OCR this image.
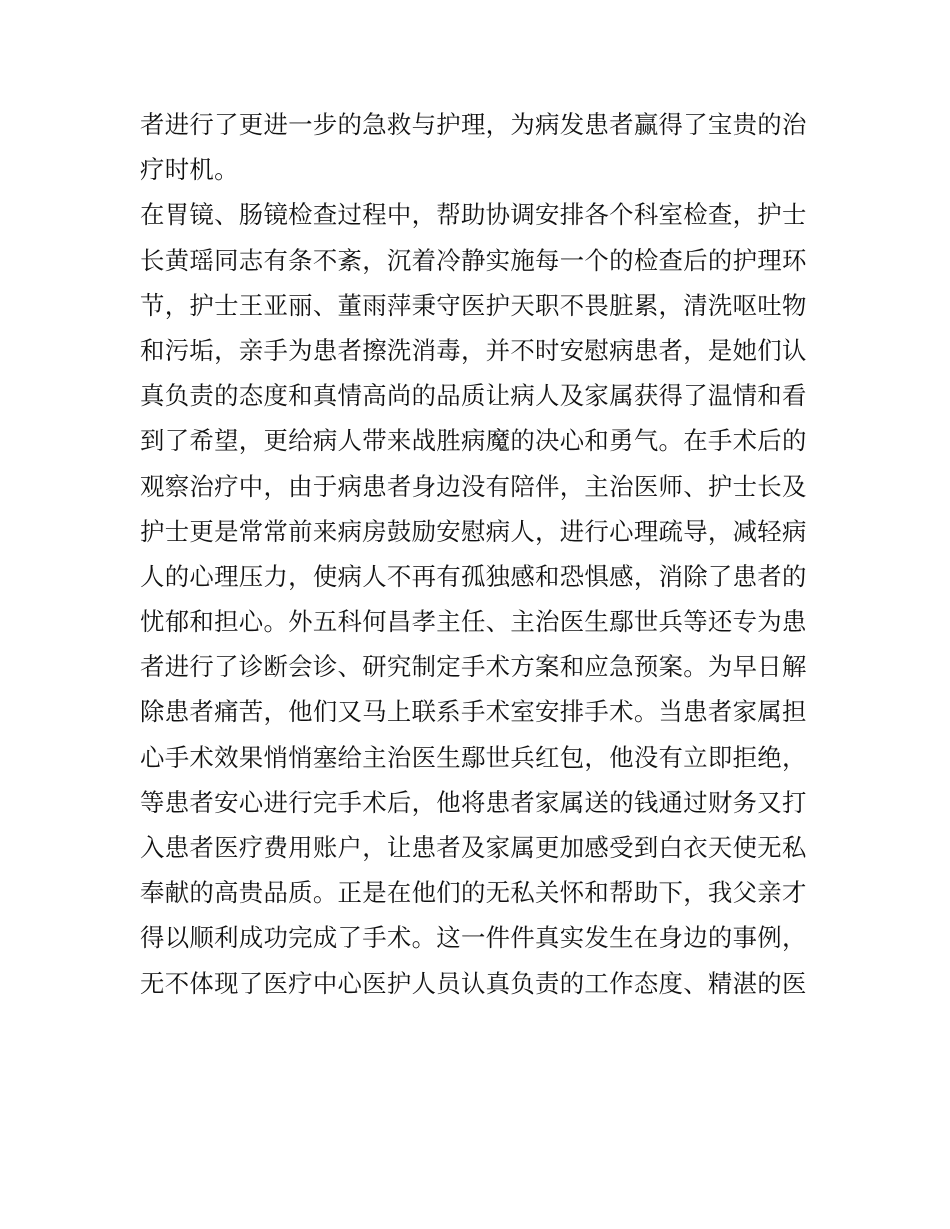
者进行了更进一步的急救与护理，为病发患者赢得了宝贵的治
疗时机。
在胃镜、肠镜检查过程中，帮助协调安排各个科室检查，护士
长黄瑶同志有条不紊，沉着冷静实施每一个的检查后的护理环
节，护士王亚丽、董雨萍秉守医护天职不畏脏累，清洗呕吐物
和污垢，亲手为患者擦洗消毒，并不时安慰病患者，是她们认
真负责的态度和真情高尚的品质让病人及家属获得了温情和看
到了希望，更给病人带来战胜病魔的决心和勇气。在手术后的
观察治疗中，由于病患者身边没有陪伴，主治医师、护士长及
护士更是常常前来病房鼓励安慰病人，进行心理疏导，减轻病
人的心理压力，使病人不再有孤独感和恐惧感，消除了患者的
忧郁和担心。外五科何昌孝主任、主治医生鄢世兵等还专为患
者进行了诊断会诊、研究制定手术方案和应急预案。为早日解
除患者痛苦，他们又马上联系手术室安排手术。当患者家属担
心手术效果悄悄塞给主治医生鄢世兵红包，他没有立即拒绝，
等患者安心进行完手术后，他将患者家属送的钱通过财务又打
入患者医疗费用账户，让患者及家属更加感受到白衣天使无私
奉献的高贵品质。正是在他们的无私关怀和帮助下，我父亲才
得以顺利成功完成了手术。这一件件真实发生在身边的事例，
无不体现了医疗中心医护人员认真负责的工作态度、精湛的医
